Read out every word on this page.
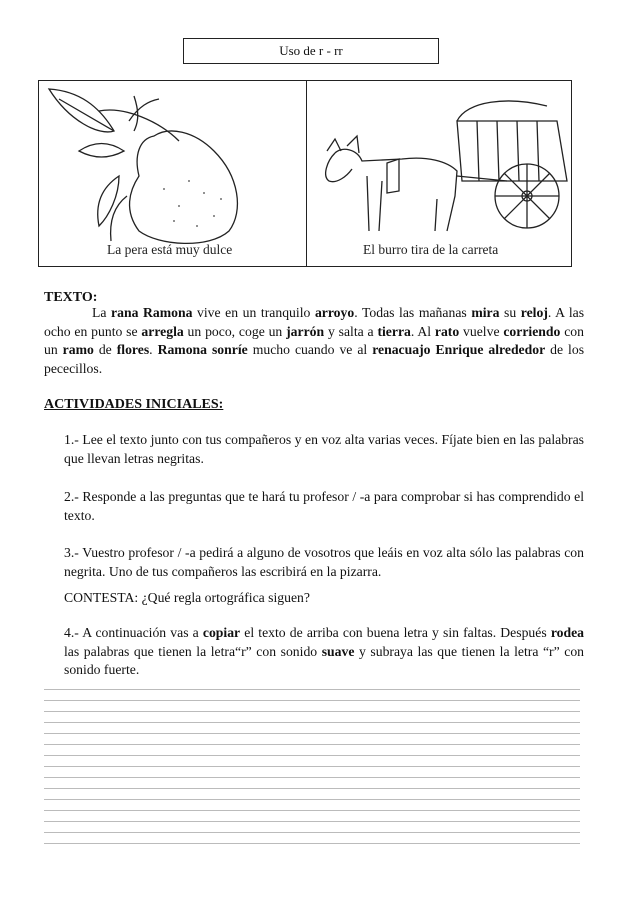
Uso de r - rr
La pera está muy dulce	El burro tira de la carreta
TEXTO:
La rana Ramona vive en un tranquilo arroyo. Todas las mañanas mira su reloj. A las ocho en punto se arregla un poco, coge un jarrón y salta a tierra. Al rato vuelve corriendo con un ramo de flores. Ramona sonríe mucho cuando ve al renacuajo Enrique alrededor de los pececillos.
ACTIVIDADES INICIALES:
1.- Lee el texto junto con tus compañeros y en voz alta varias veces. Fíjate bien en las palabras que llevan letras negritas.
2.- Responde a las preguntas que te hará tu profesor / -a para comprobar si has comprendido el texto.
3.- Vuestro profesor / -a pedirá a alguno de vosotros que leáis en voz alta sólo las palabras con negrita. Uno de tus compañeros las escribirá en la pizarra.
CONTESTA: ¿Qué regla ortográfica siguen?
4.- A continuación vas a copiar el texto de arriba con buena letra y sin faltas. Después rodea las palabras que tienen la letra“r” con sonido suave y subraya las que tienen la letra “r” con sonido fuerte.
